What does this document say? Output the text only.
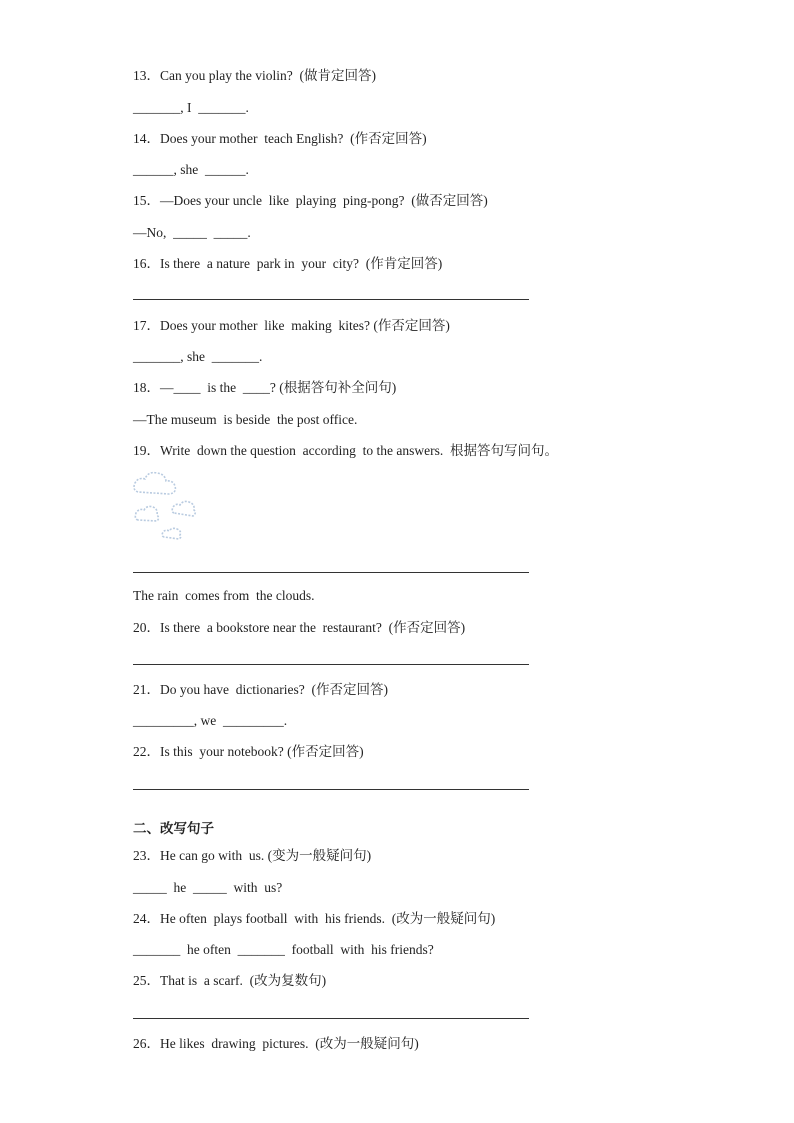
13．Can you play the violin?  (做肯定回答)
_______, I  _______.
14．Does your mother  teach English?  (作否定回答)
______, she  ______.
15．—Does your uncle  like  playing  ping-pong?  (做否定回答)
—No,  _____  _____.
16．Is there  a nature  park in  your  city?  (作肯定回答)
17．Does your mother  like  making  kites? (作否定回答)
_______, she  _______.
18．—____  is the  ____? (根据答句补全问句)
—The museum  is beside  the post office.
19．Write  down the question  according  to the answers.  根据答句写问句。
The rain  comes from  the clouds.
20．Is there  a bookstore near the  restaurant?  (作否定回答)
21．Do you have  dictionaries?  (作否定回答)
_________, we  _________.
22．Is this  your notebook? (作否定回答)
二、改写句子
23．He can go with  us. (变为一般疑问句)
_____  he  _____  with  us?
24．He often  plays football  with  his friends.  (改为一般疑问句)
_______  he often  _______  football  with  his friends?
25．That is  a scarf.  (改为复数句)
26．He likes  drawing  pictures.  (改为一般疑问句)
